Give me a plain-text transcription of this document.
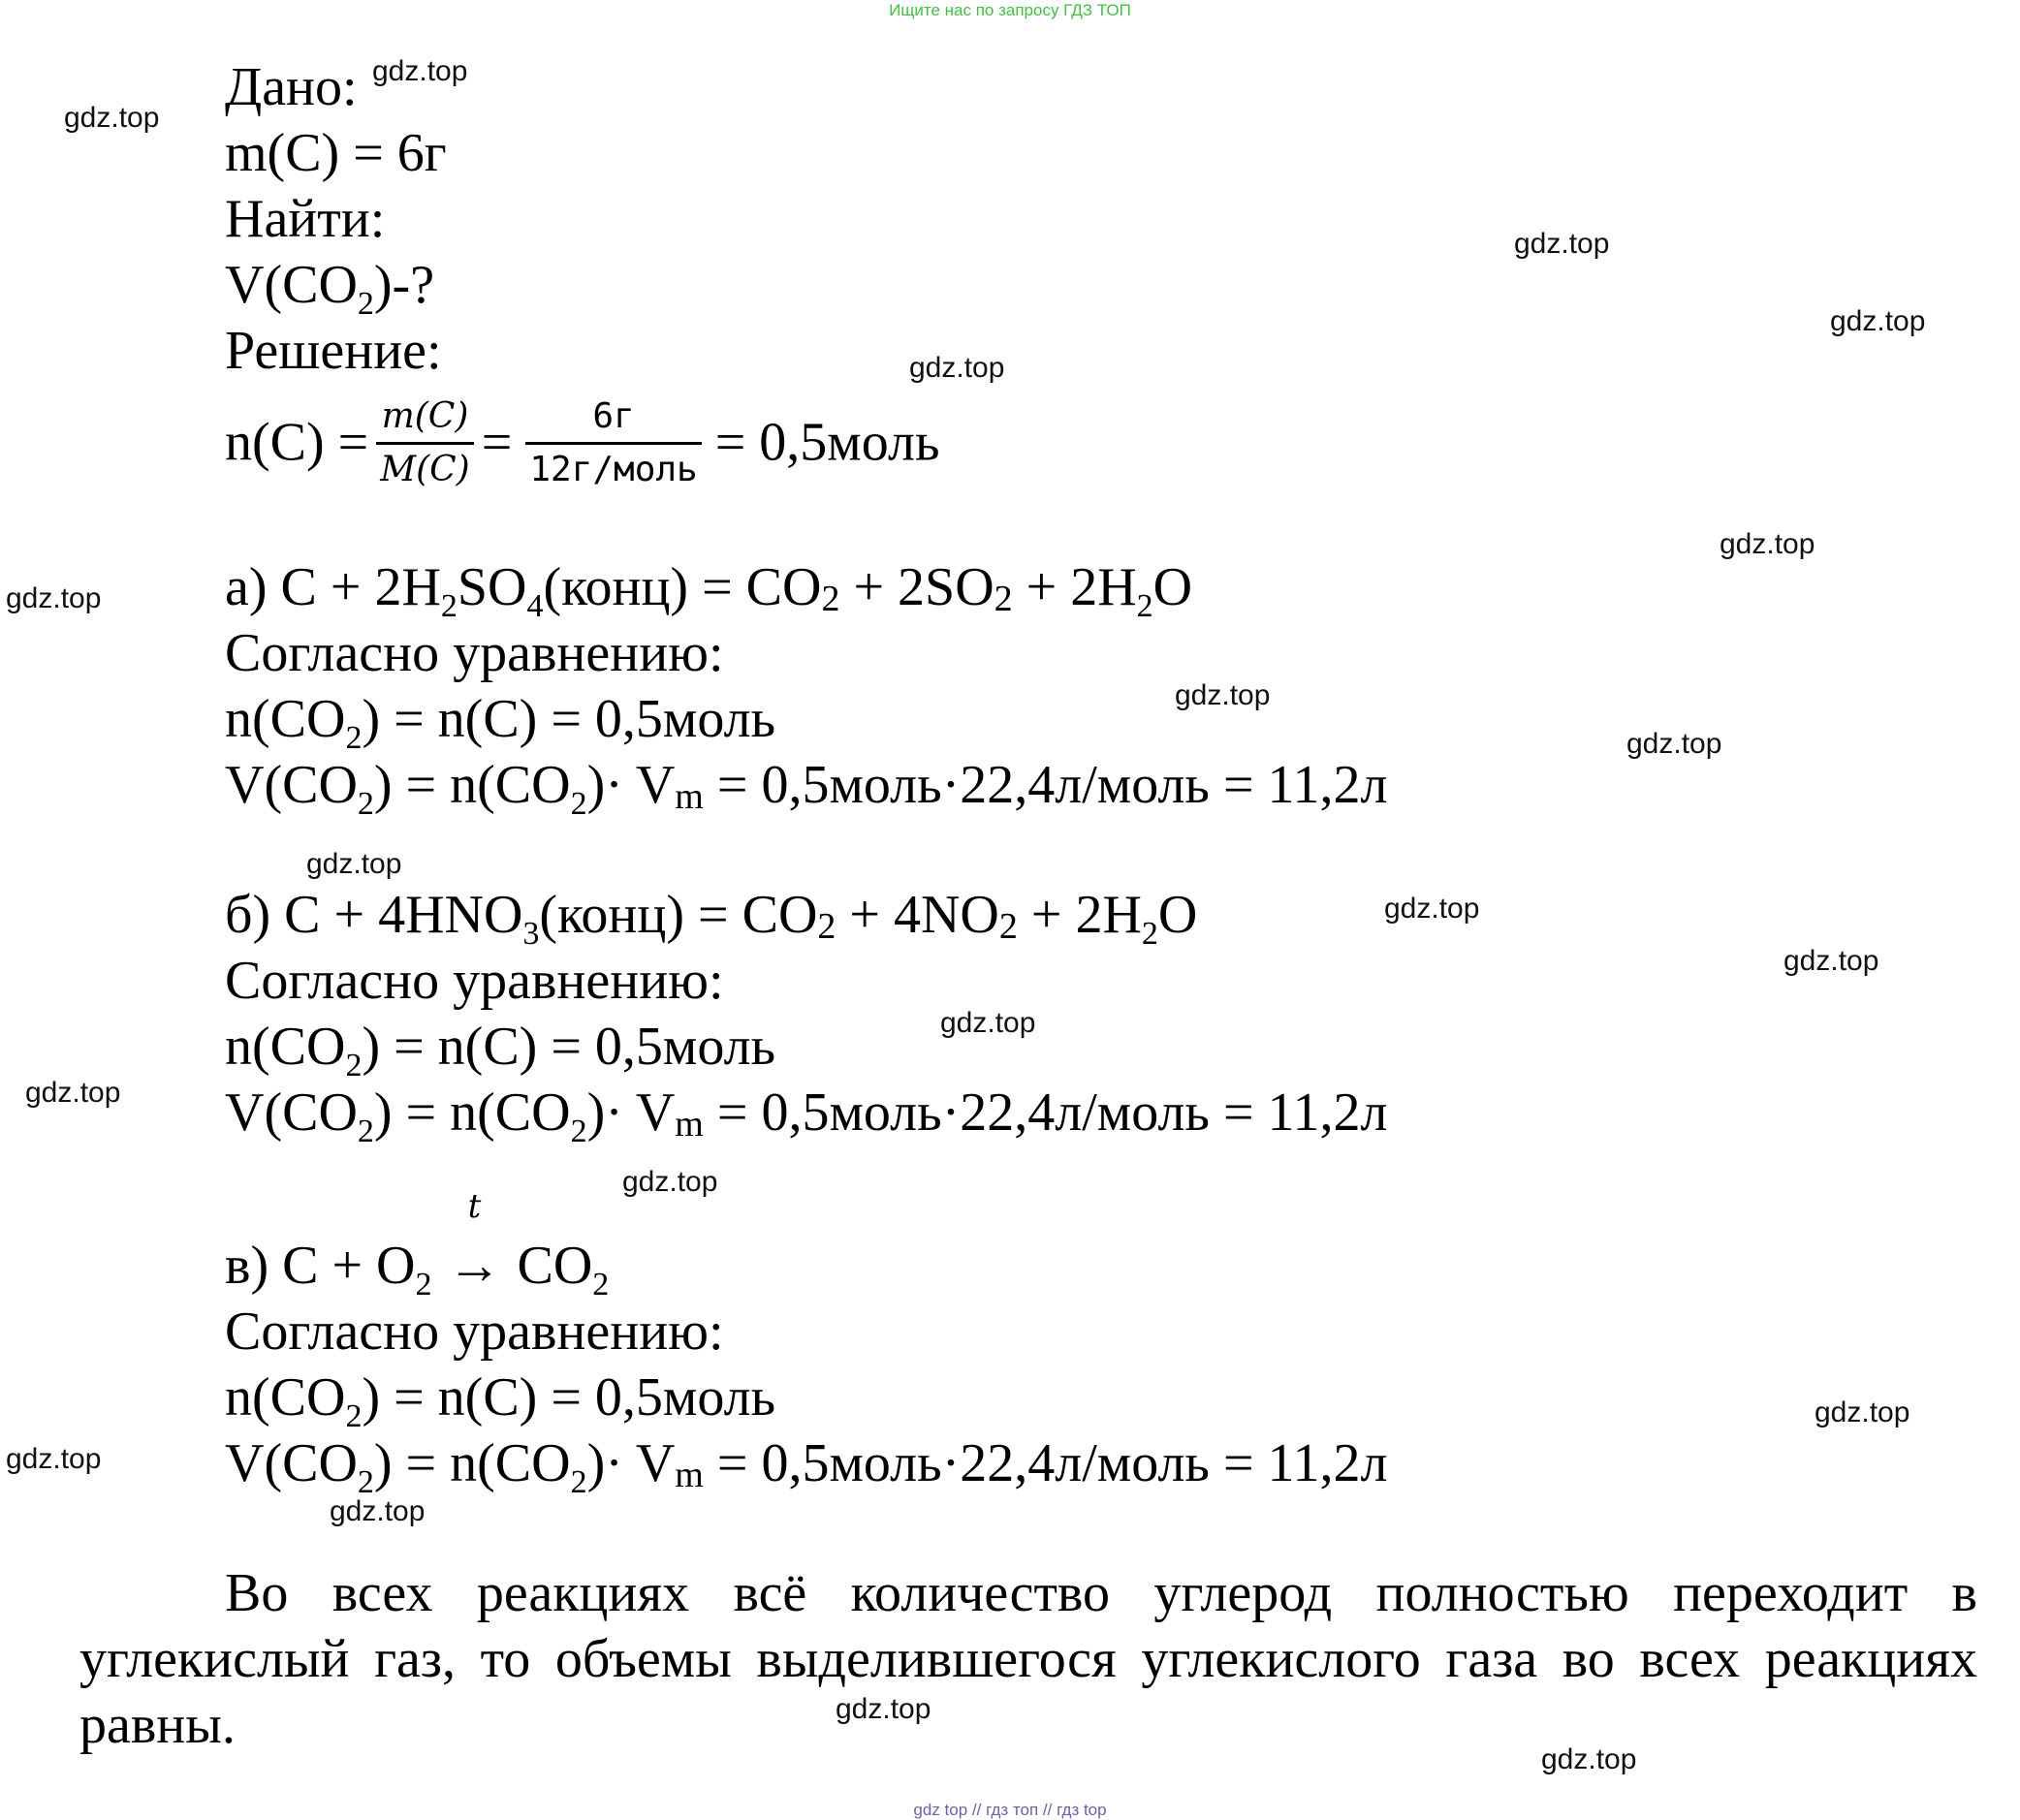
Ищите нас по запросу ГДЗ ТОП
Дано:
m(C) = 6г
Найти:
$V(CO_2)-$?
Решение:
$n(C) = \frac{m(C)}{M(C)} = \frac{6г}{\text{12г/моль}}$ = 0,5моль
а) $C + 2H_2SO_4(конц) = CO_2 + 2SO_2 + 2H_2O$
Согласно уравнению:
$n(CO_2) = n(C)$ = 0,5моль
$V(CO_2) = n(CO_2)\cdot V_m$ = 0,5моль·22,4л/моль = 11,2л
б) $C + 4HNO_3(конц) = CO_2 + 4NO_2 + 2H_2O$
Согласно уравнению:
$n(CO_2) = n(C)$ = 0,5моль
$V(CO_2) = n(CO_2)\cdot V_m$ = 0,5моль·22,4л/моль = 11,2л
в) $C + O_2$
t
→ $CO_2$
Согласно уравнению:
$n(CO_2) = n(C)$ = 0,5моль
$V(CO_2) = n(CO_2)\cdot V_m$ = 0,5моль·22,4л/моль = 11,2л
Во всех реакциях всё количество углерод полностью переходит в углекислый газ, то объемы выделившегося углекислого газа во всех реакциях равны.
gdz.top
gdz.top
gdz.top
gdz.top
gdz.top
gdz.top
gdz.top
gdz.top
gdz.top
gdz.top
gdz.top
gdz.top
gdz.top
gdz.top
gdz.top
gdz.top
gdz.top
gdz.top
gdz.top
gdz.top
gdz top // гдз топ // гдз top
